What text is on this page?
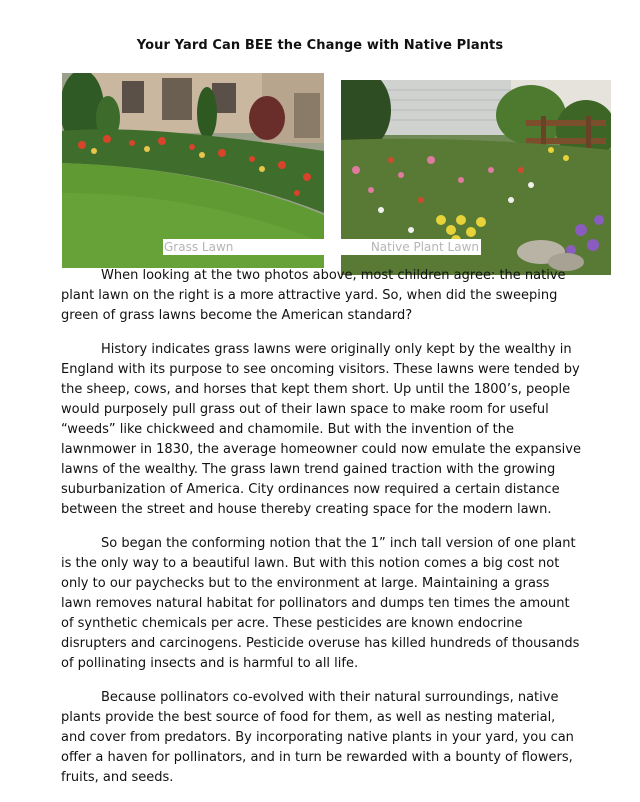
Your Yard Can BEE the Change with Native Plants
Grass Lawn	Native Plant Lawn

When looking at the two photos above, most children agree: the native plant lawn on the right is a more attractive yard. So, when did the sweeping green of grass lawns become the American standard?

History indicates grass lawns were originally only kept by the wealthy in England with its purpose to see oncoming visitors. These lawns were tended by the sheep, cows, and horses that kept them short. Up until the 1800’s, people would purposely pull grass out of their lawn space to make room for useful “weeds” like chickweed and chamomile. But with the invention of the lawnmower in 1830, the average homeowner could now emulate the expansive lawns of the wealthy. The grass lawn trend gained traction with the growing suburbanization of America. City ordinances now required a certain distance between the street and house thereby creating space for the modern lawn.

So began the conforming notion that the 1” inch tall version of one plant is the only way to a beautiful lawn. But with this notion comes a big cost not only to our paychecks but to the environment at large. Maintaining a grass lawn removes natural habitat for pollinators and dumps ten times the amount of synthetic chemicals per acre. These pesticides are known endocrine disrupters and carcinogens. Pesticide overuse has killed hundreds of thousands of pollinating insects and is harmful to all life.

Because pollinators co-evolved with their natural surroundings, native plants provide the best source of food for them, as well as nesting material, and cover from predators. By incorporating native plants in your yard, you can offer a haven for pollinators, and in turn be rewarded with a bounty of flowers, fruits, and seeds.
